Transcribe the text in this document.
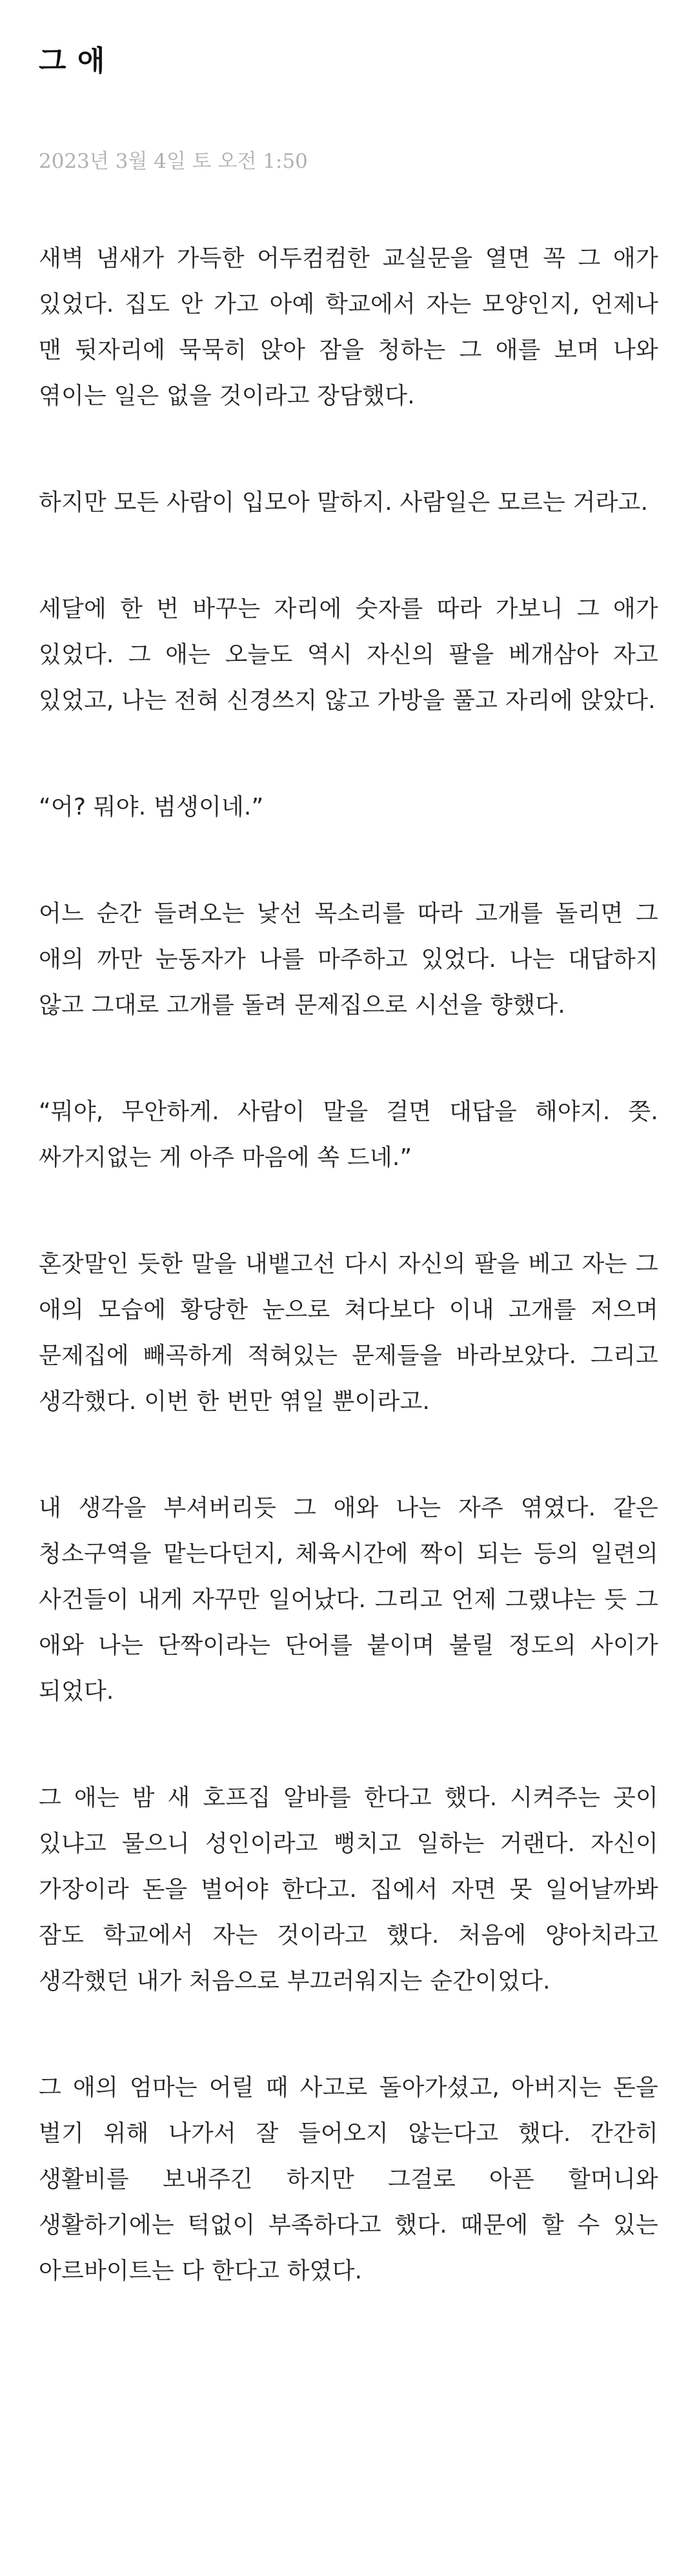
그 애

2023년 3월 4일 토 오전 1:50

새벽 냄새가 가득한 어두컴컴한 교실문을 열면 꼭 그 애가 있었다. 집도 안 가고 아예 학교에서 자는 모양인지, 언제나 맨 뒷자리에 묵묵히 앉아 잠을 청하는 그 애를 보며 나와 엮이는 일은 없을 것이라고 장담했다.

하지만 모든 사람이 입모아 말하지. 사람일은 모르는 거라고.

세달에 한 번 바꾸는 자리에 숫자를 따라 가보니 그 애가 있었다. 그 애는 오늘도 역시 자신의 팔을 베개삼아 자고 있었고, 나는 전혀 신경쓰지 않고 가방을 풀고 자리에 앉았다.

“어? 뭐야. 범생이네.”

어느 순간 들려오는 낯선 목소리를 따라 고개를 돌리면 그 애의 까만 눈동자가 나를 마주하고 있었다. 나는 대답하지 않고 그대로 고개를 돌려 문제집으로 시선을 향했다.

“뭐야, 무안하게. 사람이 말을 걸면 대답을 해야지. 쯧. 싸가지없는 게 아주 마음에 쏙 드네.”

혼잣말인 듯한 말을 내뱉고선 다시 자신의 팔을 베고 자는 그 애의 모습에 황당한 눈으로 쳐다보다 이내 고개를 저으며 문제집에 빼곡하게 적혀있는 문제들을 바라보았다. 그리고 생각했다. 이번 한 번만 엮일 뿐이라고.

내 생각을 부셔버리듯 그 애와 나는 자주 엮였다. 같은 청소구역을 맡는다던지, 체육시간에 짝이 되는 등의 일련의 사건들이 내게 자꾸만 일어났다. 그리고 언제 그랬냐는 듯 그 애와 나는 단짝이라는 단어를 붙이며 불릴 정도의 사이가 되었다.

그 애는 밤 새 호프집 알바를 한다고 했다. 시켜주는 곳이 있냐고 물으니 성인이라고 뻥치고 일하는 거랜다. 자신이 가장이라 돈을 벌어야 한다고. 집에서 자면 못 일어날까봐 잠도 학교에서 자는 것이라고 했다. 처음에 양아치라고 생각했던 내가 처음으로 부끄러워지는 순간이었다.

그 애의 엄마는 어릴 때 사고로 돌아가셨고, 아버지는 돈을 벌기 위해 나가서 잘 들어오지 않는다고 했다. 간간히 생활비를 보내주긴 하지만 그걸로 아픈 할머니와 생활하기에는 턱없이 부족하다고 했다. 때문에 할 수 있는 아르바이트는 다 한다고 하였다.
